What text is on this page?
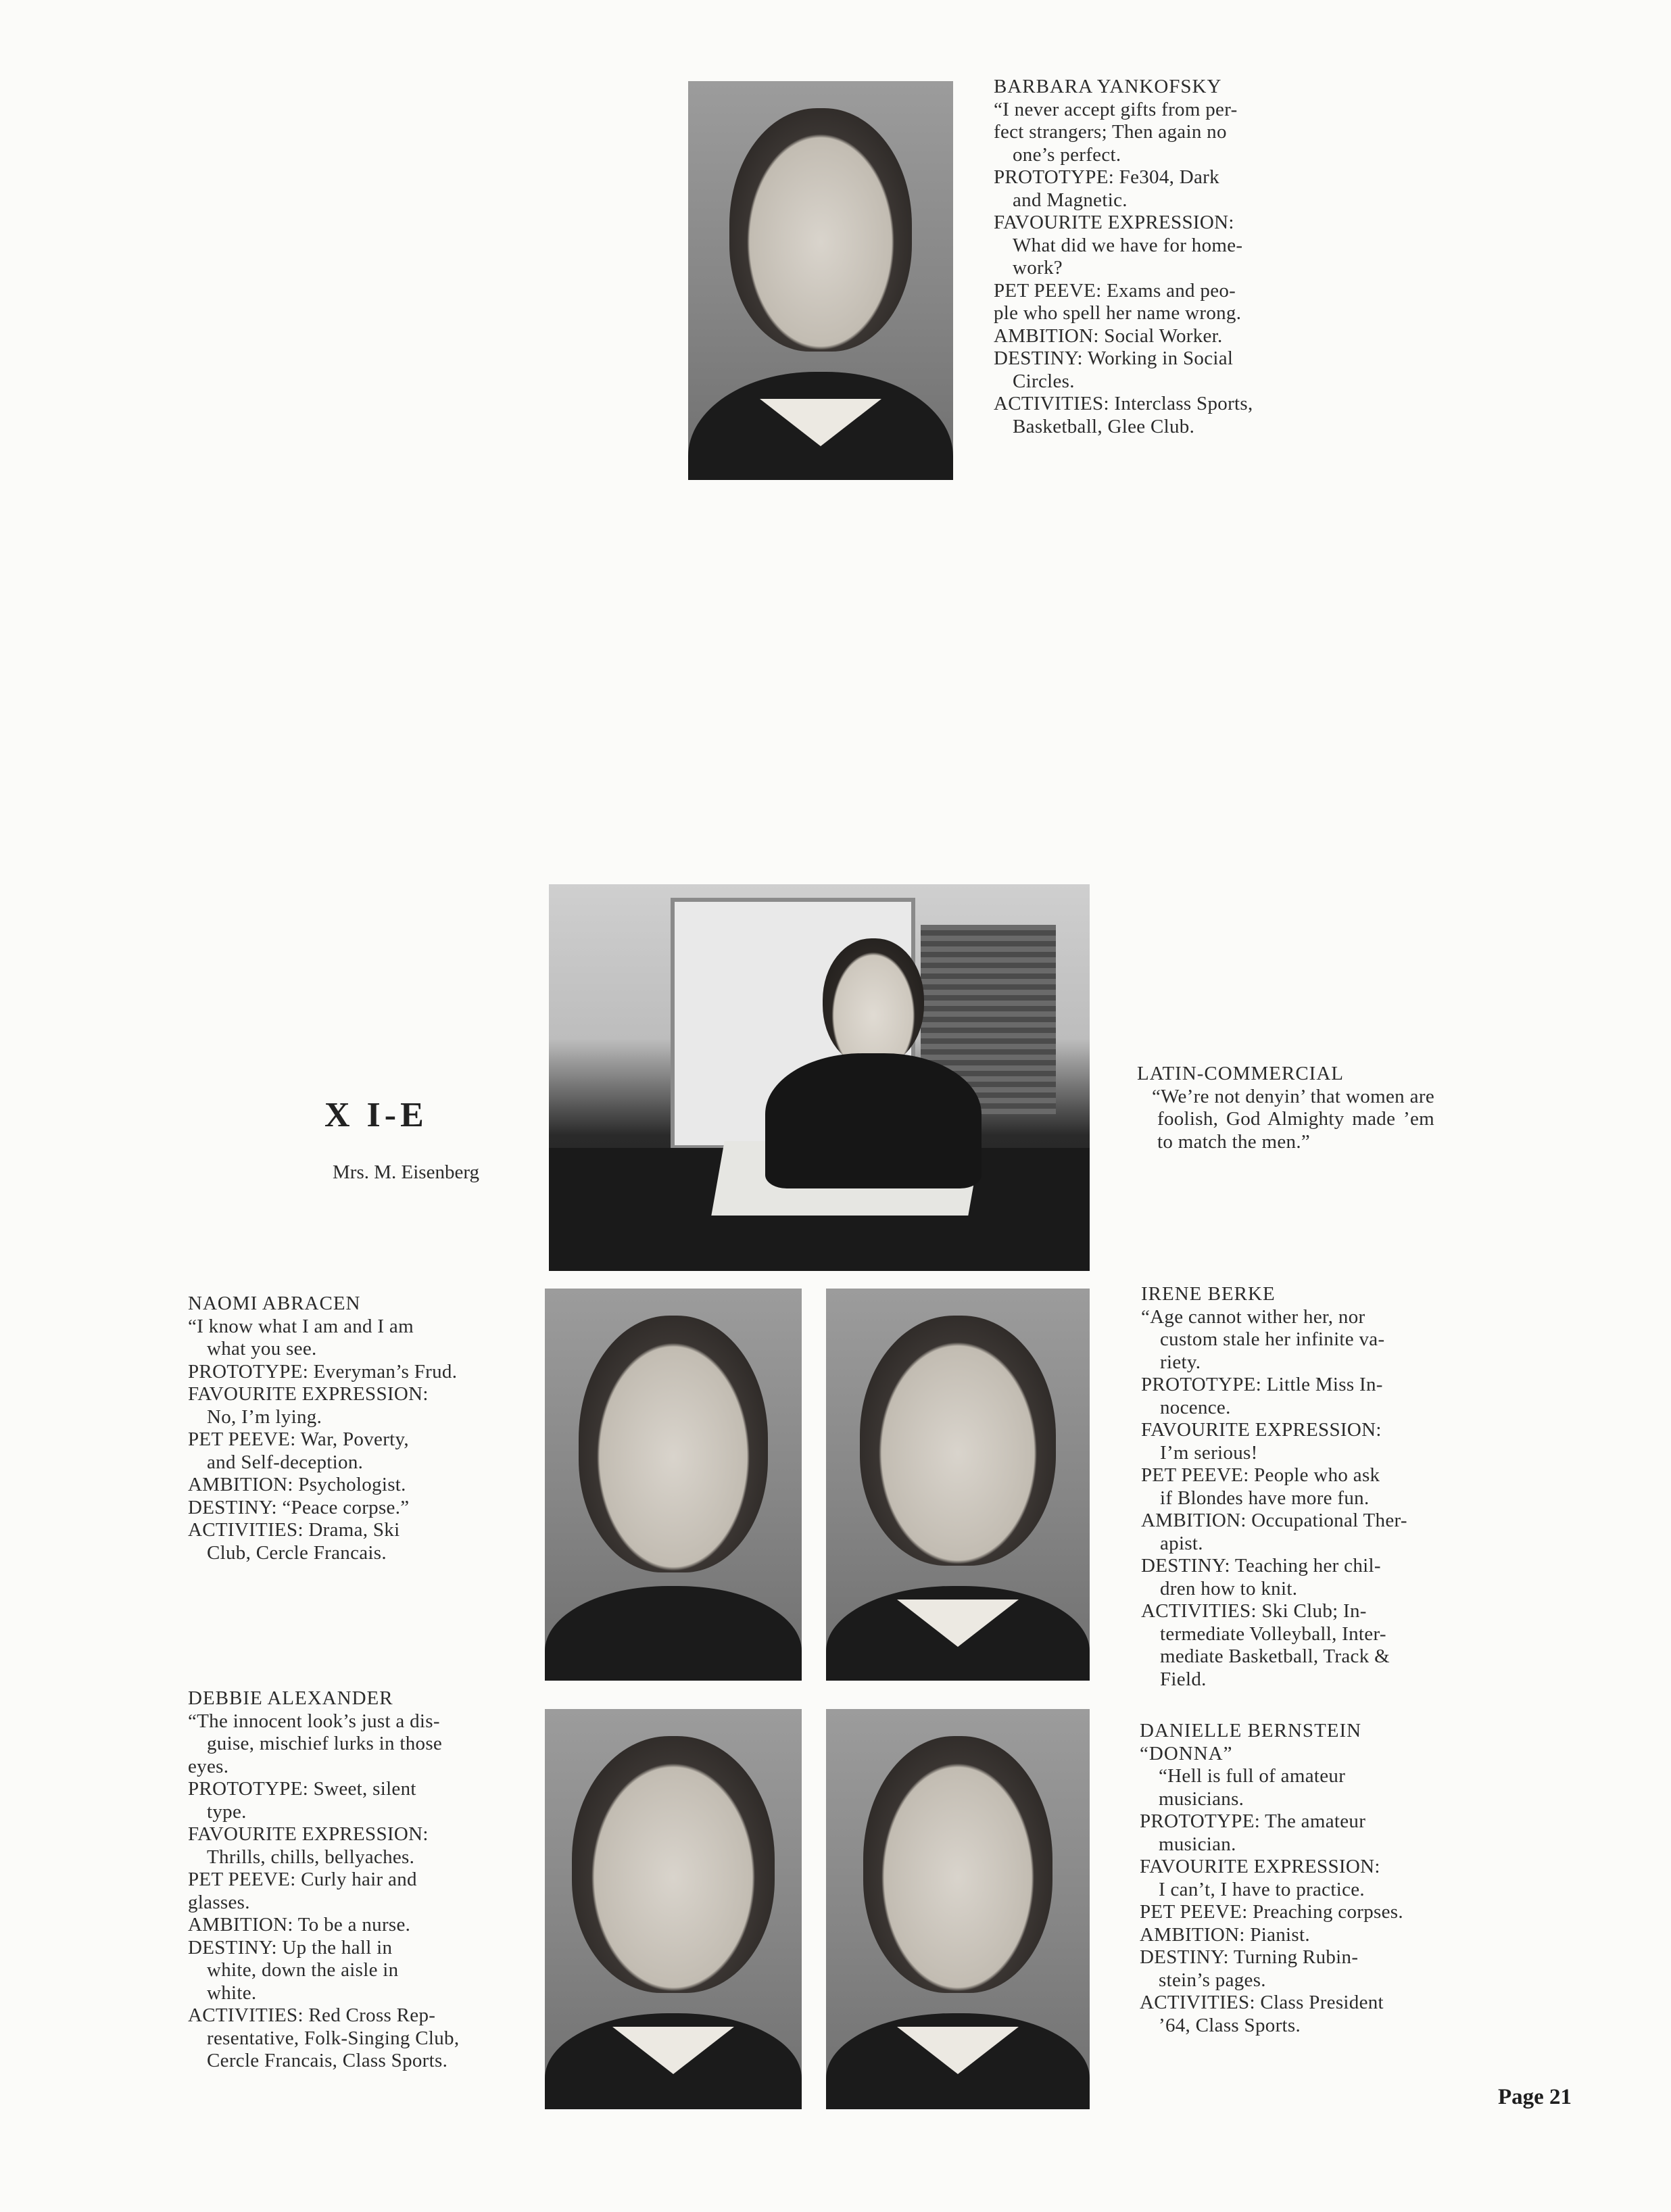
BARBARA YANKOFSKY

“I never accept gifts from per-

fect strangers; Then again no

one’s perfect.

PROTOTYPE: Fe304, Dark

and Magnetic.

FAVOURITE EXPRESSION:

What did we have for home-

work?

PET PEEVE: Exams and peo-

ple who spell her name wrong.

AMBITION: Social Worker.

DESTINY: Working in Social

Circles.

ACTIVITIES: Interclass Sports,

Basketball, Glee Club.

X I-E
Mrs. M. Eisenberg

LATIN-COMMERCIAL

“We’re not denyin’ that women are foolish, God Almighty made ’em to match the men.”

NAOMI ABRACEN

“I know what I am and I am

what you see.

PROTOTYPE: Everyman’s Frud.

FAVOURITE EXPRESSION:

No, I’m lying.

PET PEEVE: War, Poverty,

and Self-deception.

AMBITION: Psychologist.

DESTINY: “Peace corpse.”

ACTIVITIES: Drama, Ski

Club, Cercle Francais.

IRENE BERKE

“Age cannot wither her, nor

custom stale her infinite va-

riety.

PROTOTYPE: Little Miss In-

nocence.

FAVOURITE EXPRESSION:

I’m serious!

PET PEEVE: People who ask

if Blondes have more fun.

AMBITION: Occupational Ther-

apist.

DESTINY: Teaching her chil-

dren how to knit.

ACTIVITIES: Ski Club; In-

termediate Volleyball, Inter-

mediate Basketball, Track &

Field.

DEBBIE ALEXANDER

“The innocent look’s just a dis-

guise, mischief lurks in those

eyes.

PROTOTYPE: Sweet, silent

type.

FAVOURITE EXPRESSION:

Thrills, chills, bellyaches.

PET PEEVE: Curly hair and

glasses.

AMBITION: To be a nurse.

DESTINY: Up the hall in

white, down the aisle in

white.

ACTIVITIES: Red Cross Rep-

resentative, Folk-Singing Club,

Cercle Francais, Class Sports.

DANIELLE BERNSTEIN

“DONNA”

“Hell is full of amateur

musicians.

PROTOTYPE: The amateur

musician.

FAVOURITE EXPRESSION:

I can’t, I have to practice.

PET PEEVE: Preaching corpses.

AMBITION: Pianist.

DESTINY: Turning Rubin-

stein’s pages.

ACTIVITIES: Class President

’64, Class Sports.

Page 21
